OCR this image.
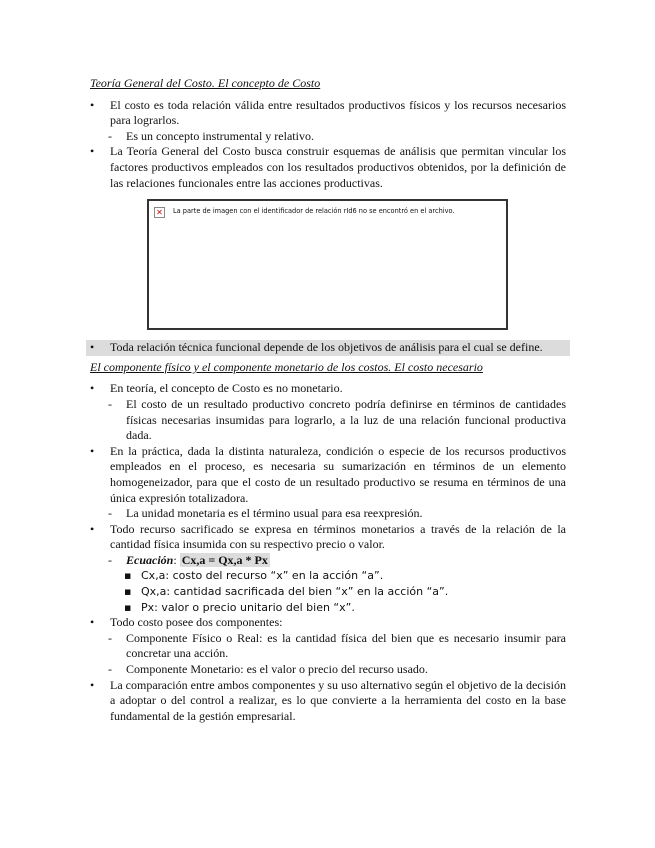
Teoría General del Costo. El concepto de Costo

• El costo es toda relación válida entre resultados productivos físicos y los recursos necesarios para lograrlos.
- Es un concepto instrumental y relativo.
• La Teoría General del Costo busca construir esquemas de análisis que permitan vincular los factores productivos empleados con los resultados productivos obtenidos, por la definición de las relaciones funcionales entre las acciones productivas.
✕	La parte de imagen con el identificador de relación rId6 no se encontró en el archivo.
• Toda relación técnica funcional depende de los objetivos de análisis para el cual se define.

El componente físico y el componente monetario de los costos. El costo necesario

• En teoría, el concepto de Costo es no monetario.
- El costo de un resultado productivo concreto podría definirse en términos de cantidades físicas necesarias insumidas para lograrlo, a la luz de una relación funcional productiva dada.
• En la práctica, dada la distinta naturaleza, condición o especie de los recursos productivos empleados en el proceso, es necesaria su sumarización en términos de un elemento homogeneizador, para que el costo de un resultado productivo se resuma en términos de una única expresión totalizadora.
- La unidad monetaria es el término usual para esa reexpresión.
• Todo recurso sacrificado se expresa en términos monetarios a través de la relación de la cantidad física insumida con su respectivo precio o valor.
- Ecuación: Cx,a = Qx,a * Px
▪ Cx,a: costo del recurso “x” en la acción “a”.
▪ Qx,a: cantidad sacrificada del bien “x” en la acción “a”.
▪ Px: valor o precio unitario del bien “x”.
• Todo costo posee dos componentes:
- Componente Físico o Real: es la cantidad física del bien que es necesario insumir para concretar una acción.
- Componente Monetario: es el valor o precio del recurso usado.
• La comparación entre ambos componentes y su uso alternativo según el objetivo de la decisión a adoptar o del control a realizar, es lo que convierte a la herramienta del costo en la base fundamental de la gestión empresarial.
